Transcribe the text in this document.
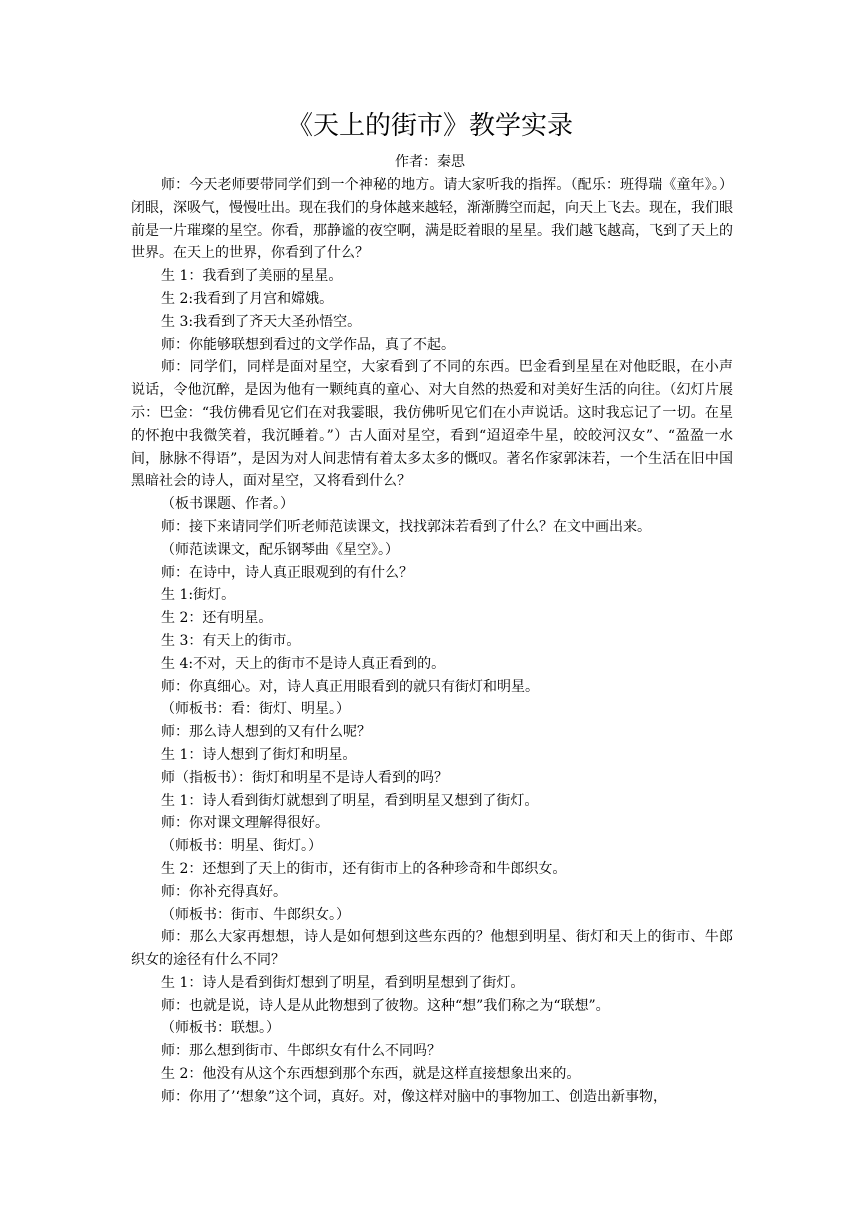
《天上的街市》教学实录
作者：秦思

师：今天老师要带同学们到一个神秘的地方。请大家听我的指挥。（配乐：班得瑞《童年》。）闭眼，深吸气，慢慢吐出。现在我们的身体越来越轻，渐渐腾空而起，向天上飞去。现在，我们眼前是一片璀璨的星空。你看，那静谧的夜空啊，满是眨着眼的星星。我们越飞越高，飞到了天上的世界。在天上的世界，你看到了什么？

生 1：我看到了美丽的星星。

生 2:我看到了月宫和嫦娥。

生 3:我看到了齐天大圣孙悟空。

师：你能够联想到看过的文学作品，真了不起。

师：同学们，同样是面对星空，大家看到了不同的东西。巴金看到星星在对他眨眼，在小声说话，令他沉醉，是因为他有一颗纯真的童心、对大自然的热爱和对美好生活的向往。（幻灯片展示：巴金：“我仿佛看见它们在对我霎眼，我仿佛听见它们在小声说话。这时我忘记了一切。在星的怀抱中我微笑着，我沉睡着。”）古人面对星空，看到“迢迢牵牛星，皎皎河汉女”、“盈盈一水间，脉脉不得语”，是因为对人间悲情有着太多太多的慨叹。著名作家郭沫若，一个生活在旧中国黑暗社会的诗人，面对星空，又将看到什么？

（板书课题、作者。）

师：接下来请同学们听老师范读课文，找找郭沫若看到了什么？在文中画出来。

（师范读课文，配乐钢琴曲《星空》。）

师：在诗中，诗人真正眼观到的有什么？

生 1:街灯。

生 2：还有明星。

生 3：有天上的街市。

生 4:不对，天上的街市不是诗人真正看到的。

师：你真细心。对，诗人真正用眼看到的就只有街灯和明星。

（师板书：看：街灯、明星。）

师：那么诗人想到的又有什么呢？

生 1：诗人想到了街灯和明星。

师（指板书）：街灯和明星不是诗人看到的吗？

生 1：诗人看到街灯就想到了明星，看到明星又想到了街灯。

师：你对课文理解得很好。

（师板书：明星、街灯。）

生 2：还想到了天上的街市，还有街市上的各种珍奇和牛郎织女。

师：你补充得真好。

（师板书：街市、牛郎织女。）

师：那么大家再想想，诗人是如何想到这些东西的？他想到明星、街灯和天上的街市、牛郎织女的途径有什么不同？

生 1：诗人是看到街灯想到了明星，看到明星想到了街灯。

师：也就是说，诗人是从此物想到了彼物。这种“想”我们称之为“联想”。

（师板书：联想。）

师：那么想到街市、牛郎织女有什么不同吗？

生 2：他没有从这个东西想到那个东西，就是这样直接想象出来的。

师：你用了’‘想象”这个词，真好。对，像这样对脑中的事物加工、创造出新事物，
